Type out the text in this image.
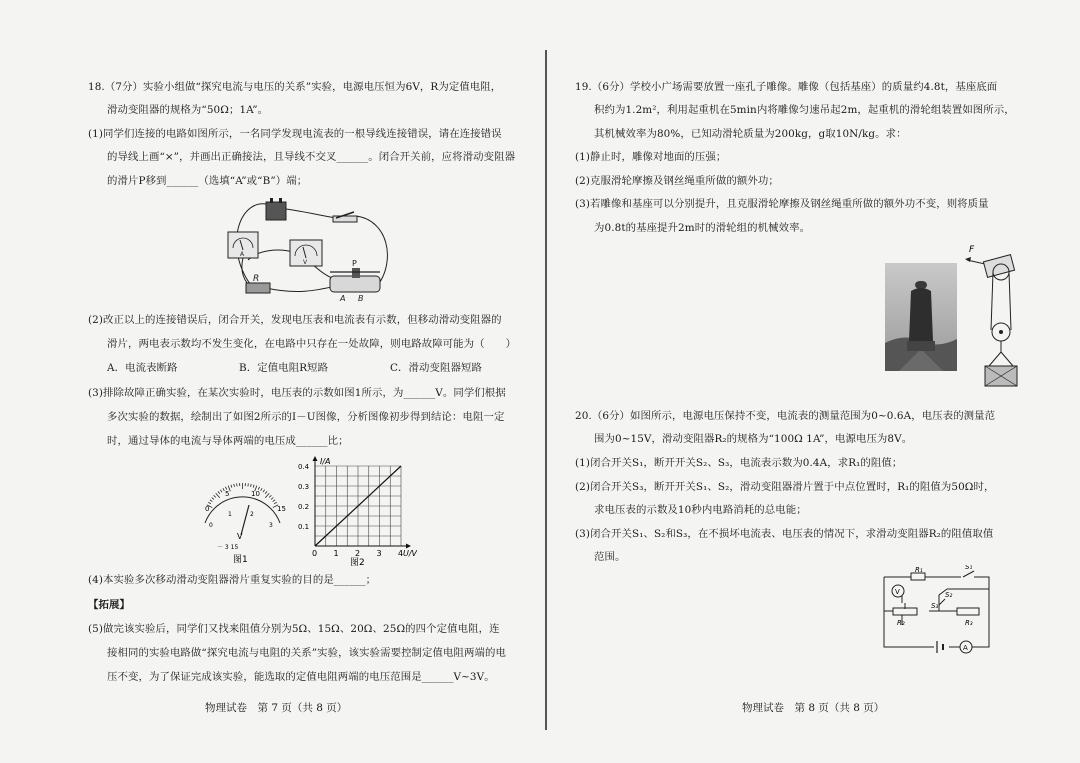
18.（7分）实验小组做“探究电流与电压的关系”实验，电源电压恒为6V，R为定值电阻，
滑动变阻器的规格为“50Ω；1A”。
(1)同学们连接的电路如图所示，一名同学发现电流表的一根导线连接错误，请在连接错误
的导线上画“×”，并画出正确接法，且导线不交叉______。闭合开关前，应将滑动变阻器
的滑片P移到______（选填“A”或“B”）端；
A
V
R
P
A B
(2)改正以上的连接错误后，闭合开关，发现电压表和电流表有示数，但移动滑动变阻器的
滑片，两电表示数均不发生变化，在电路中只存在一处故障，则电路故障可能为（　　）
A．电流表断路	B．定值电阻R短路	C．滑动变阻器短路
(3)排除故障正确实验，在某次实验时，电压表的示数如图1所示，为______V。同学们根据
多次实验的数据，绘制出了如图2所示的I－U图像，分析图像初步得到结论：电阻一定
时，通过导体的电流与导体两端的电压成______比；
0
5	10
15
0
1	2
3
V
－ 3 15
图1
0 1 2 3 4
0.1
0.2
0.3
0.4
I/A
U/V
图2
(4)本实验多次移动滑动变阻器滑片重复实验的目的是______；
【拓展】
(5)做完该实验后，同学们又找来阻值分别为5Ω、15Ω、20Ω、25Ω的四个定值电阻，连
接相同的实验电路做“探究电流与电阻的关系”实验，该实验需要控制定值电阻两端的电
压不变，为了保证完成该实验，能选取的定值电阻两端的电压范围是______V~3V。
物理试卷　第 7 页（共 8 页）
19.（6分）学校小广场需要放置一座孔子雕像。雕像（包括基座）的质量约4.8t，基座底面
积约为1.2m²，利用起重机在5min内将雕像匀速吊起2m，起重机的滑轮组装置如图所示，
其机械效率为80%，已知动滑轮质量为200kg，g取10N/kg。求：
(1)静止时，雕像对地面的压强；
(2)克服滑轮摩擦及钢丝绳重所做的额外功；
(3)若雕像和基座可以分别提升，且克服滑轮摩擦及钢丝绳重所做的额外功不变，则将质量
为0.8t的基座提升2m时的滑轮组的机械效率。
F
20.（6分）如图所示，电源电压保持不变，电流表的测量范围为0~0.6A，电压表的测量范
围为0~15V，滑动变阻器R₂的规格为“100Ω 1A”，电源电压为8V。
(1)闭合开关S₁，断开开关S₂、S₃，电流表示数为0.4A，求R₁的阻值；
(2)闭合开关S₃，断开开关S₁、S₂，滑动变阻器滑片置于中点位置时，R₁的阻值为50Ω时，
求电压表的示数及10秒内电路消耗的总电能；
(3)闭合开关S₁、S₂和S₃，在不损坏电流表、电压表的情况下，求滑动变阻器R₂的阻值取值
范围。
V
A
R₁
R₂	R₃
S₁
S₂
S₃
物理试卷　第 8 页（共 8 页）
